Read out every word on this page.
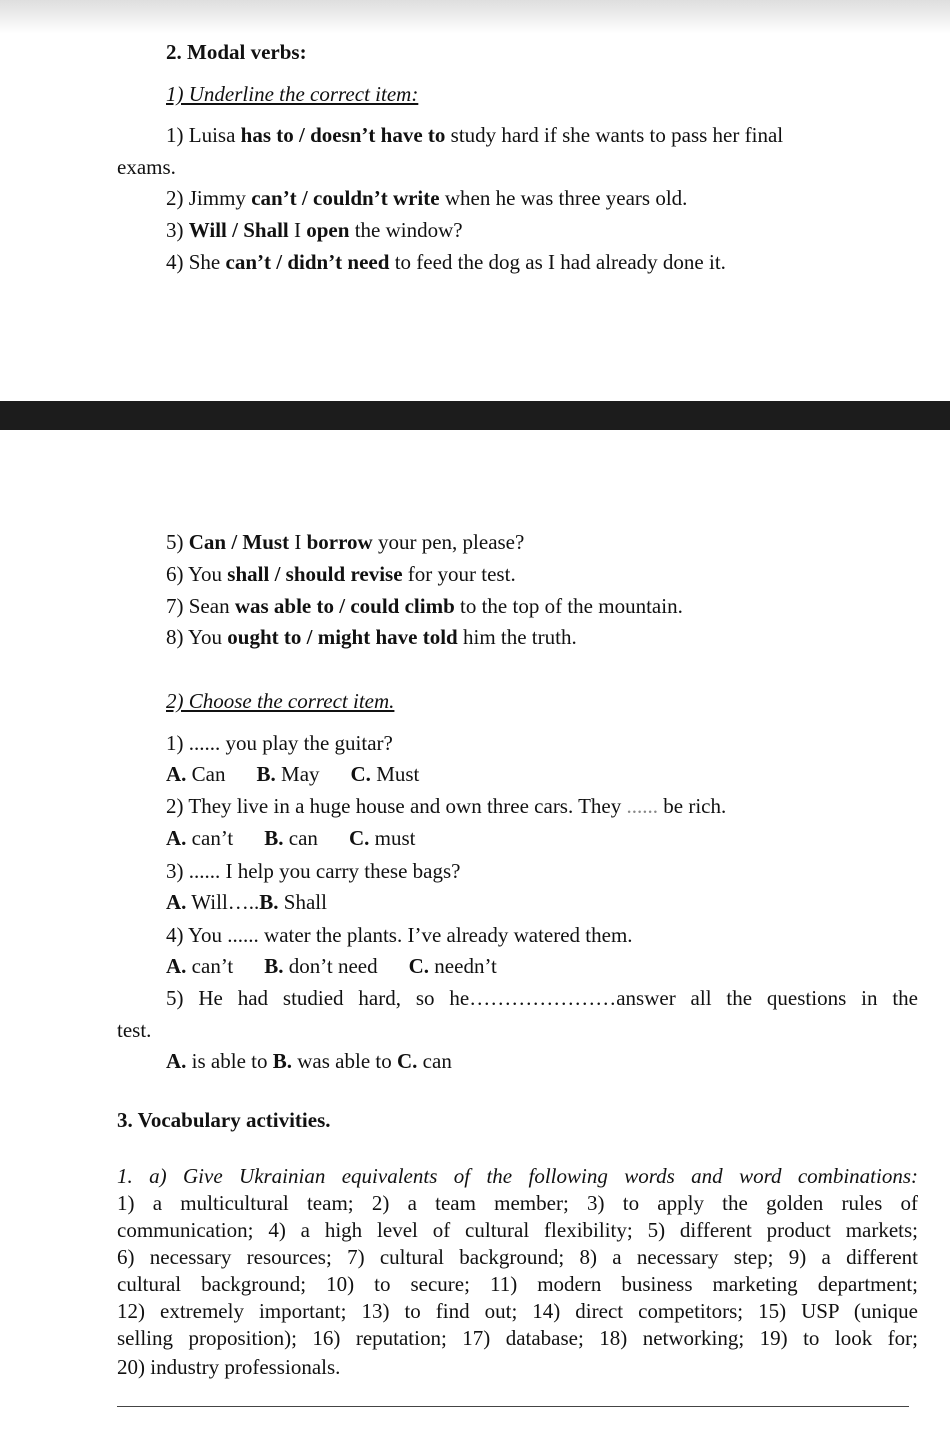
2. Modal verbs:
1) Underline the correct item:
1) Luisa has to / doesn’t have to study hard if she wants to pass her final
exams.
2) Jimmy can’t / couldn’t write when he was three years old.
3) Will / Shall I open the window?
4) She can’t / didn’t need to feed the dog as I had already done it.
5) Can / Must I borrow your pen, please?
6) You shall / should revise for your test.
7) Sean was able to / could climb to the top of the mountain.
8) You ought to / might have told him the truth.
2) Choose the correct item.
1) ...... you play the guitar?
A. Can B. May C. Must
2) They live in a huge house and own three cars. They ...... be rich.
A. can’t B. can C. must
3) ...... I help you carry these bags?
A. Will…..B. Shall
4) You ...... water the plants. I’ve already watered them.
A. can’t B. don’t need C. needn’t
5) He had studied hard, so he…………………answer all the questions in the
test.
A. is able to B. was able to C. can
3. Vocabulary activities.
1. a) Give Ukrainian equivalents of the following words and word combinations:
1) a multicultural team; 2) a team member; 3) to apply the golden rules of
communication; 4) a high level of cultural flexibility; 5) different product markets;
6) necessary resources; 7) cultural background; 8) a necessary step; 9) a different
cultural background; 10) to secure; 11) modern business marketing department;
12) extremely important; 13) to find out; 14) direct competitors; 15) USP (unique
selling proposition); 16) reputation; 17) database; 18) networking; 19) to look for;
20) industry professionals.
